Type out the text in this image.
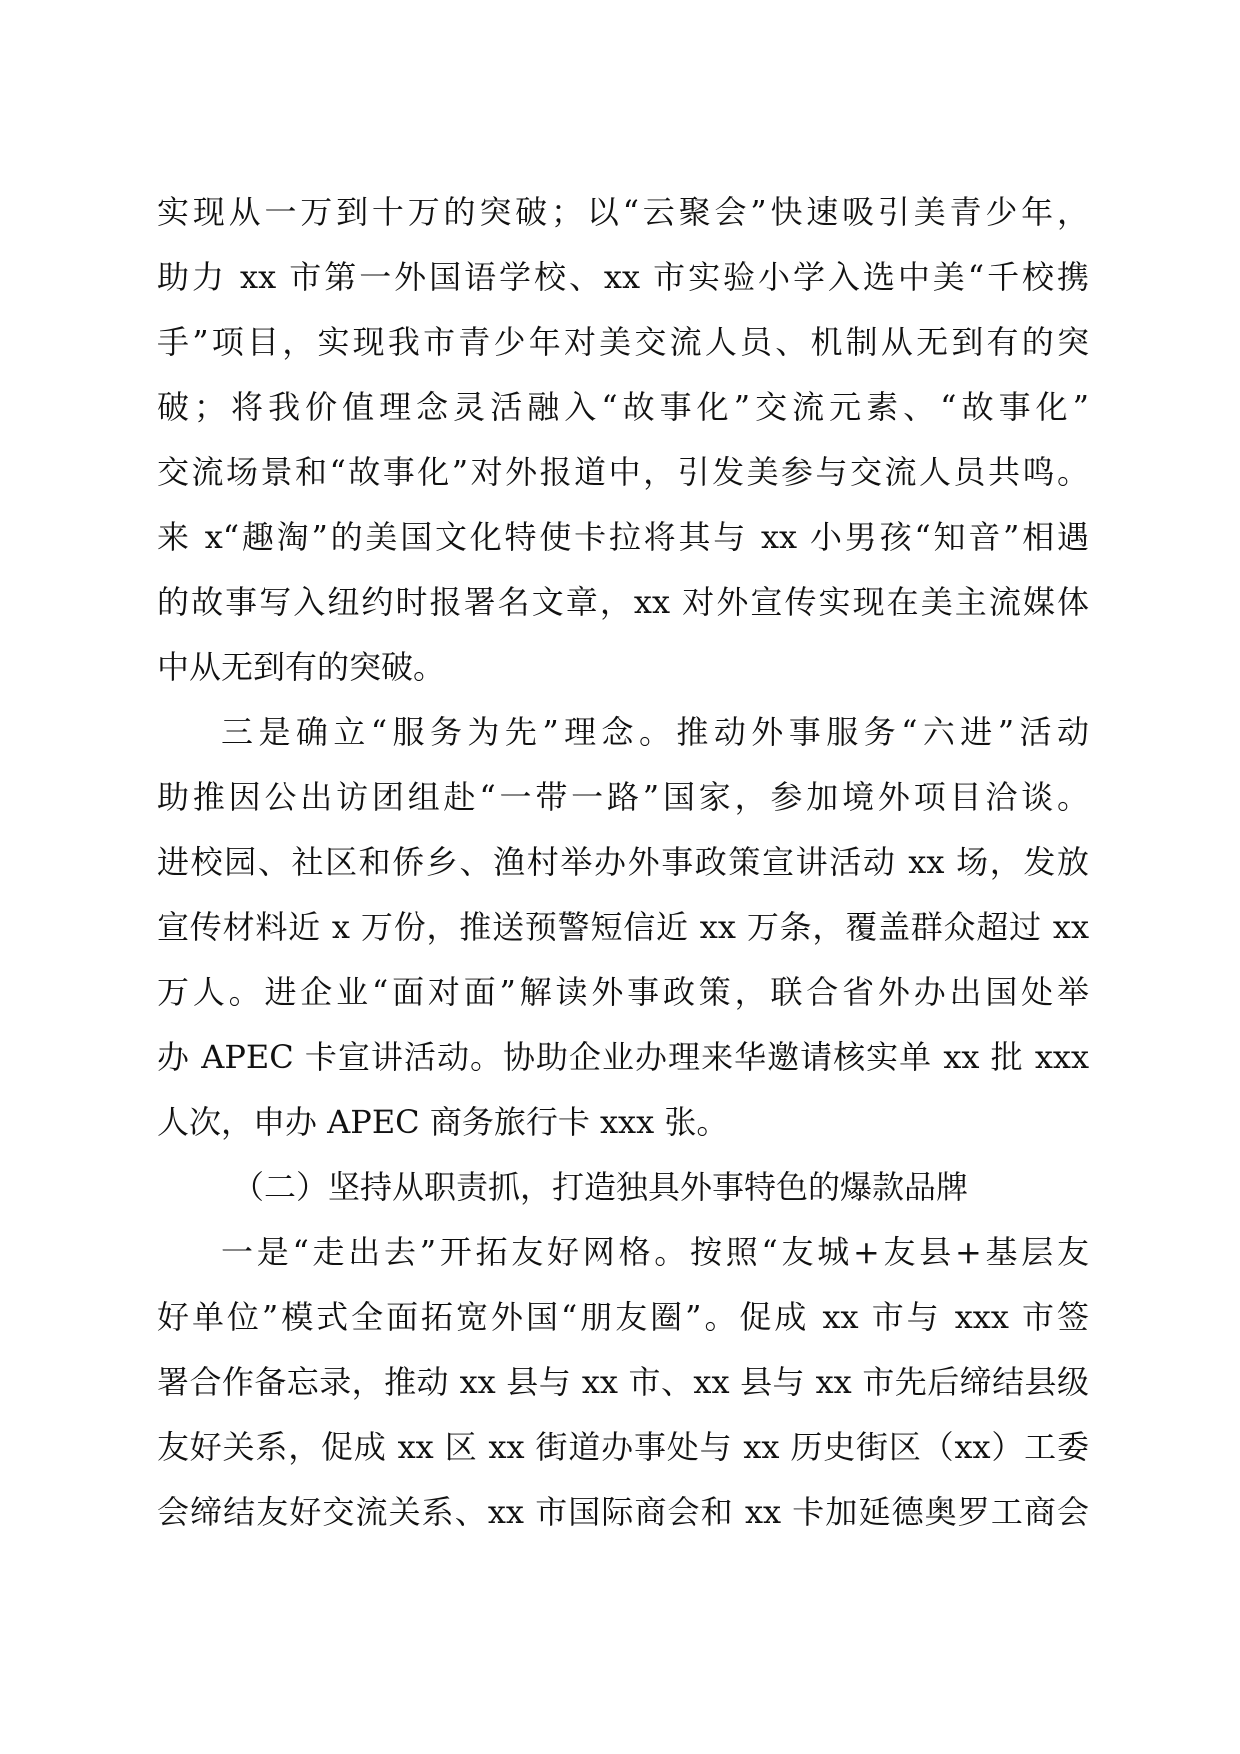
实现从一万到十万的突破；以“云聚会”快速吸引美青少年，
助力 xx 市第一外国语学校、xx 市实验小学入选中美“千校携
手”项目，实现我市青少年对美交流人员、机制从无到有的突
破；将我价值理念灵活融入“故事化”交流元素、“故事化”
交流场景和“故事化”对外报道中，引发美参与交流人员共鸣。
来 x“趣淘”的美国文化特使卡拉将其与 xx 小男孩“知音”相遇
的故事写入纽约时报署名文章，xx 对外宣传实现在美主流媒体
中从无到有的突破。
三是确立“服务为先”理念。推动外事服务“六进”活动
助推因公出访团组赴“一带一路”国家，参加境外项目洽谈。
进校园、社区和侨乡、渔村举办外事政策宣讲活动 xx 场，发放
宣传材料近 x 万份，推送预警短信近 xx 万条，覆盖群众超过 xx
万人。进企业“面对面”解读外事政策，联合省外办出国处举
办 APEC 卡宣讲活动。协助企业办理来华邀请核实单 xx 批 xxx
人次，申办 APEC 商务旅行卡 xxx 张。
（二）坚持从职责抓，打造独具外事特色的爆款品牌
一是“走出去”开拓友好网格。按照“友城+友县+基层友
好单位”模式全面拓宽外国“朋友圈”。促成 xx 市与 xxx 市签
署合作备忘录，推动 xx 县与 xx 市、xx 县与 xx 市先后缔结县级
友好关系，促成 xx 区 xx 街道办事处与 xx 历史街区（xx）工委
会缔结友好交流关系、xx 市国际商会和 xx 卡加延德奥罗工商会
